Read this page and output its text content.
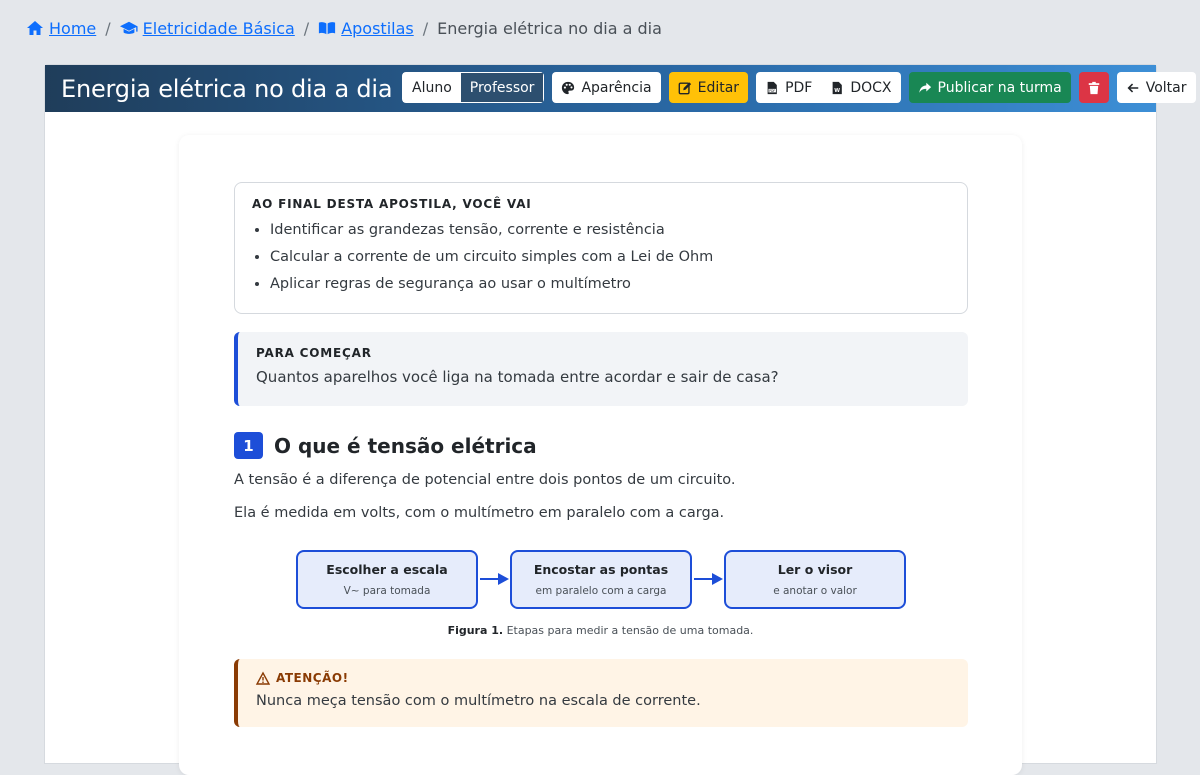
Home / Eletricidade Básica / Apostilas / Energia elétrica no dia a dia
Energia elétrica no dia a dia	Aluno	Professor	Aparência	Editar	PDF PDF	W DOCX	Publicar na turma	Voltar
AO FINAL DESTA APOSTILA, VOCÊ VAI
• Identificar as grandezas tensão, corrente e resistência
• Calcular a corrente de um circuito simples com a Lei de Ohm
• Aplicar regras de segurança ao usar o multímetro
PARA COMEÇAR

Quantos aparelhos você liga na tomada entre acordar e sair de casa?

1	O que é tensão elétrica

A tensão é a diferença de potencial entre dois pontos de um circuito.

Ela é medida em volts, com o multímetro em paralelo com a carga.

Escolher a escala
V~ para tomada
Encostar as pontas
em paralelo com a carga
Ler o visor
e anotar o valor
Figura 1. Etapas para medir a tensão de uma tomada.
ATENÇÃO!

Nunca meça tensão com o multímetro na escala de corrente.
